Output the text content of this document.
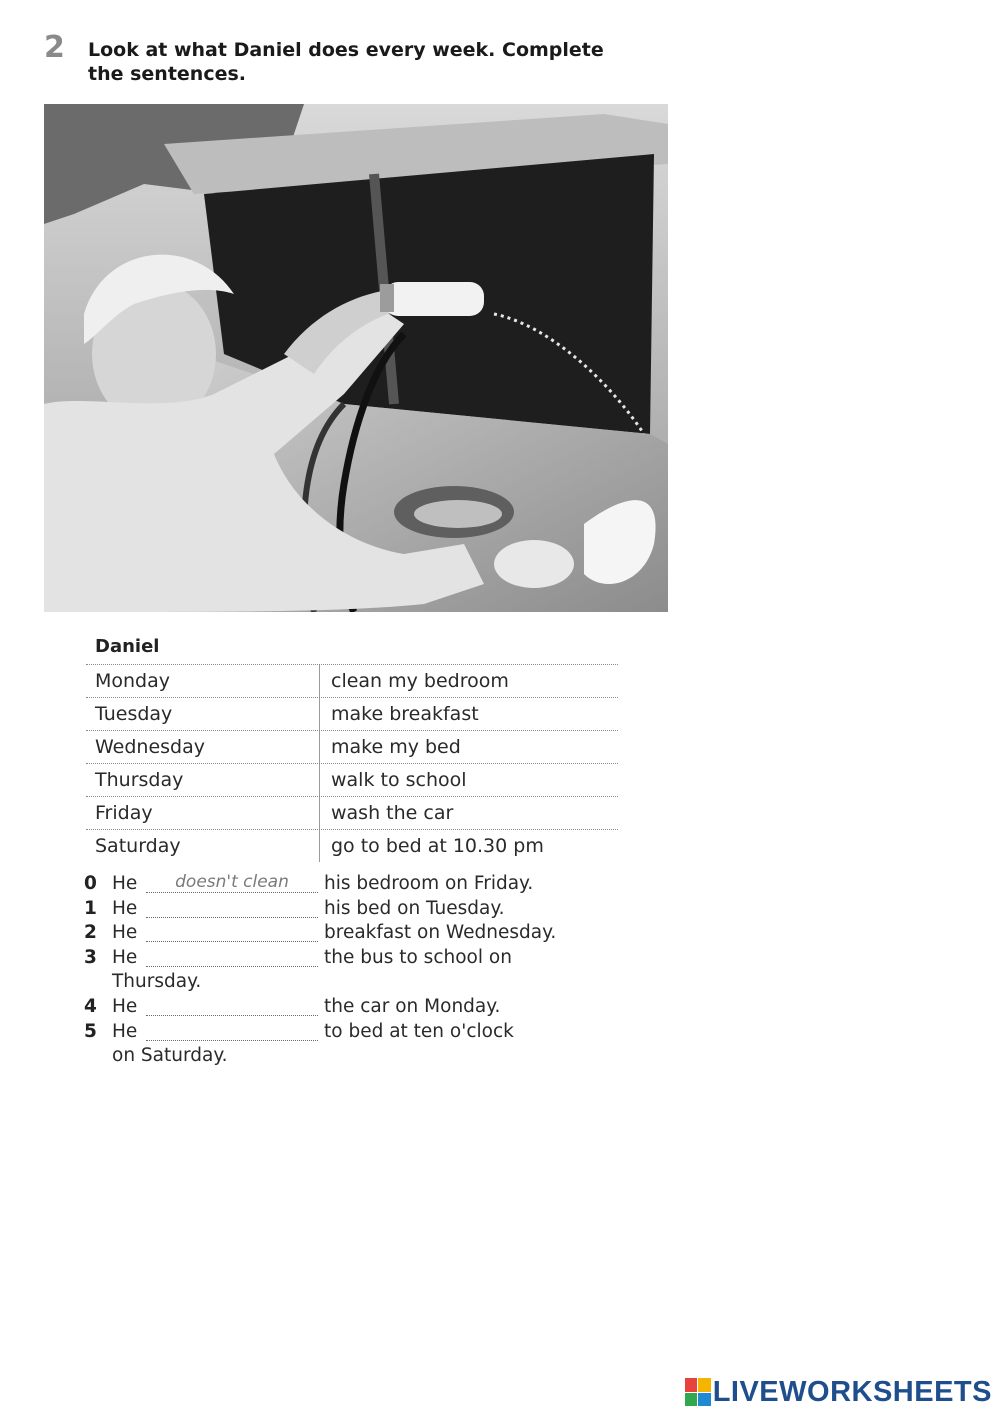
2 Look at what Daniel does every week. Complete
the sentences.
Daniel
Monday	clean my bedroom
Tuesday	make breakfast
Wednesday	make my bed
Thursday	walk to school
Friday	wash the car
Saturday	go to bed at 10.30 pm
0 He	doesn't clean	his bedroom on Friday.
1 He	his bed on Tuesday.
2 He	breakfast on Wednesday.
3 He	the bus to school on
Thursday.
4 He	the car on Monday.
5 He	to bed at ten o'clock
on Saturday.
LIVEWORKSHEETS
